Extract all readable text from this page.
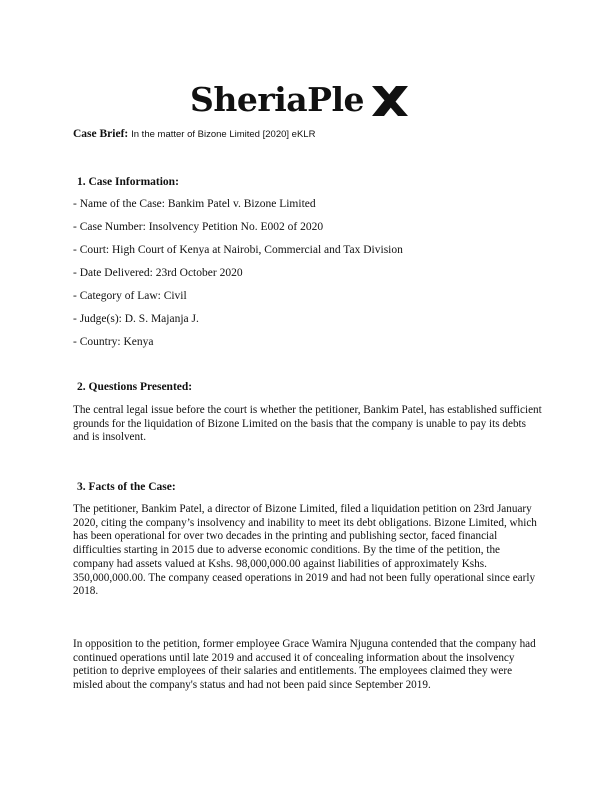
SheriaPle
Case Brief: In the matter of Bizone Limited [2020] eKLR
1. Case Information:
- Name of the Case: Bankim Patel v. Bizone Limited
- Case Number: Insolvency Petition No. E002 of 2020
- Court: High Court of Kenya at Nairobi, Commercial and Tax Division
- Date Delivered: 23rd October 2020
- Category of Law: Civil
- Judge(s): D. S. Majanja J.
- Country: Kenya
2. Questions Presented:
The central legal issue before the court is whether the petitioner, Bankim Patel, has established sufficient grounds for the liquidation of Bizone Limited on the basis that the company is unable to pay its debts and is insolvent.
3. Facts of the Case:
The petitioner, Bankim Patel, a director of Bizone Limited, filed a liquidation petition on 23rd January 2020, citing the company’s insolvency and inability to meet its debt obligations. Bizone Limited, which has been operational for over two decades in the printing and publishing sector, faced financial difficulties starting in 2015 due to adverse economic conditions. By the time of the petition, the company had assets valued at Kshs. 98,000,000.00 against liabilities of approximately Kshs. 350,000,000.00. The company ceased operations in 2019 and had not been fully operational since early 2018.
In opposition to the petition, former employee Grace Wamira Njuguna contended that the company had continued operations until late 2019 and accused it of concealing information about the insolvency petition to deprive employees of their salaries and entitlements. The employees claimed they were misled about the company's status and had not been paid since September 2019.
